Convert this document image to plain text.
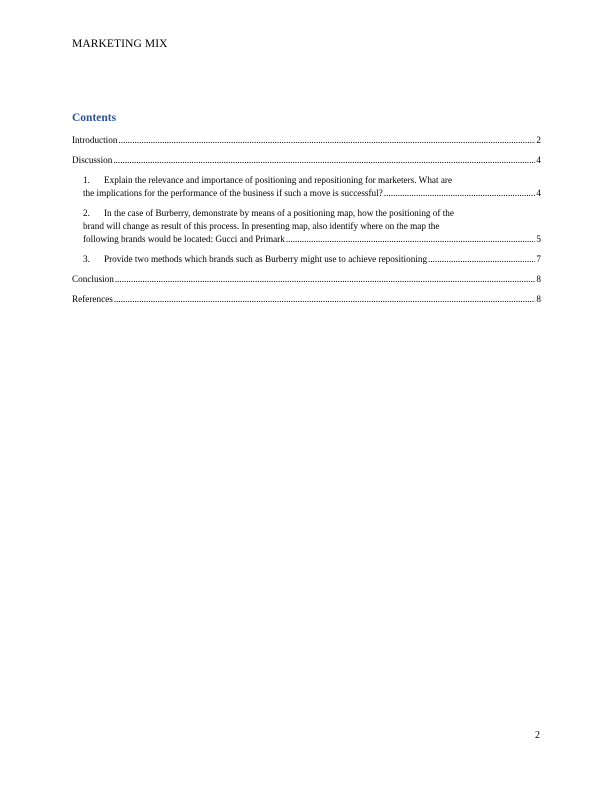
MARKETING MIX
Contents
Introduction .....	2
Discussion .....	4
1. Explain the relevance and importance of positioning and repositioning for marketers. What are
the implications for the performance of the business if such a move is successful? .....	4
2. In the case of Burberry, demonstrate by means of a positioning map, how the positioning of the
brand will change as result of this process. In presenting map, also identify where on the map the
following brands would be located: Gucci and Primark .....	5
3. Provide two methods which brands such as Burberry might use to achieve repositioning .....	7
Conclusion .....	8
References .....	8
2
